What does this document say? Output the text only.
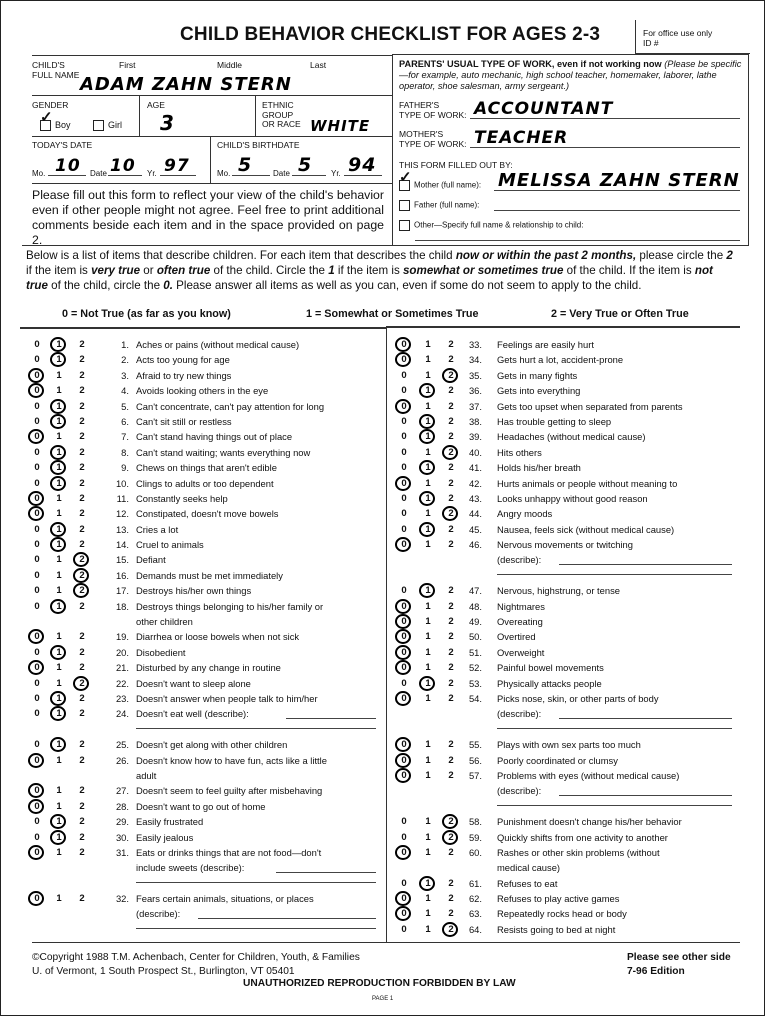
CHILD BEHAVIOR CHECKLIST FOR AGES 2-3	For office use only
ID #
CHILD'S
FULL NAME
First	Middle	Last
ADAM ZAHN STERN
GENDER
✓Boy	Girl
AGE
3
ETHNIC
GROUP
OR RACE WHITE
TODAY'S DATE	CHILD'S BIRTHDATE
Mo. 10 Date 10 Yr. 97	Mo. 5	Date 5 Yr. 94
Please fill out this form to reflect your view of the child's behavior even if other people might not agree. Feel free to print additional comments beside each item and in the space provided on page 2.
PARENTS' USUAL TYPE OF WORK, even if not working now (Please be specific—for example, auto mechanic, high school teacher, homemaker, laborer, lathe operator, shoe salesman, army sergeant.)
FATHER'S
TYPE OF WORK: ACCOUNTANT
MOTHER'S
TYPE OF WORK: TEACHER
THIS FORM FILLED OUT BY:
✓Mother (full name): MELISSA ZAHN STERN
Father (full name):
Other—Specify full name & relationship to child:
Below is a list of items that describe children. For each item that describes the child now or within the past 2 months, please circle the 2 if the item is very true or often true of the child. Circle the 1 if the item is somewhat or sometimes true of the child. If the item is not true of the child, circle the 0. Please answer all items as well as you can, even if some do not seem to apply to the child.
0 = Not True (as far as you know)	1 = Somewhat or Sometimes True	2 = Very True or Often True
0	1	2	1. Aches or pains (without medical cause)
0	1	2	2. Acts too young for age
0	1	2	3. Afraid to try new things
0	1	2	4. Avoids looking others in the eye
0	1	2	5. Can't concentrate, can't pay attention for long
0	1	2	6. Can't sit still or restless
0	1	2	7. Can't stand having things out of place
0	1	2	8. Can't stand waiting; wants everything now
0	1	2	9. Chews on things that aren't edible
0	1	2	10. Clings to adults or too dependent
0	1	2	11. Constantly seeks help
0	1	2	12. Constipated, doesn't move bowels
0	1	2	13. Cries a lot
0	1	2	14. Cruel to animals
0	1	2	15. Defiant
0	1	2	16. Demands must be met immediately
0	1	2	17. Destroys his/her own things
0	1	2	18. Destroys things belonging to his/her family or
other children
0	1	2	19. Diarrhea or loose bowels when not sick
0	1	2	20. Disobedient
0	1	2	21. Disturbed by any change in routine
0	1	2	22. Doesn't want to sleep alone
0	1	2	23. Doesn't answer when people talk to him/her
0	1	2	24. Doesn't eat well (describe):
0	1	2	25. Doesn't get along with other children
0	1	2	26. Doesn't know how to have fun, acts like a little
adult
0	1	2	27. Doesn't seem to feel guilty after misbehaving
0	1	2	28. Doesn't want to go out of home
0	1	2	29. Easily frustrated
0	1	2	30. Easily jealous
0	1	2	31. Eats or drinks things that are not food—don't
include sweets (describe):
0	1	2	32. Fears certain animals, situations, or places
(describe):
0	1	2	33. Feelings are easily hurt
0	1	2	34. Gets hurt a lot, accident-prone
0	1	2	35. Gets in many fights
0	1	2	36. Gets into everything
0	1	2	37. Gets too upset when separated from parents
0	1	2	38. Has trouble getting to sleep
0	1	2	39. Headaches (without medical cause)
0	1	2	40. Hits others
0	1	2	41. Holds his/her breath
0	1	2	42. Hurts animals or people without meaning to
0	1	2	43. Looks unhappy without good reason
0	1	2	44. Angry moods
0	1	2	45. Nausea, feels sick (without medical cause)
0	1	2	46. Nervous movements or twitching
(describe):
0	1	2	47. Nervous, highstrung, or tense
0	1	2	48. Nightmares
0	1	2	49. Overeating
0	1	2	50. Overtired
0	1	2	51. Overweight
0	1	2	52. Painful bowel movements
0	1	2	53. Physically attacks people
0	1	2	54. Picks nose, skin, or other parts of body
(describe):
0	1	2	55. Plays with own sex parts too much
0	1	2	56. Poorly coordinated or clumsy
0	1	2	57. Problems with eyes (without medical cause)
(describe):
0	1	2	58. Punishment doesn't change his/her behavior
0	1	2	59. Quickly shifts from one activity to another
0	1	2	60. Rashes or other skin problems (without
medical cause)
0	1	2	61. Refuses to eat
0	1	2	62. Refuses to play active games
0	1	2	63. Repeatedly rocks head or body
0	1	2	64. Resists going to bed at night
©Copyright 1988 T.M. Achenbach, Center for Children, Youth, & Families
U. of Vermont, 1 South Prospect St., Burlington, VT 05401
UNAUTHORIZED REPRODUCTION FORBIDDEN BY LAW
PAGE 1
Please see other side
7-96 Edition
